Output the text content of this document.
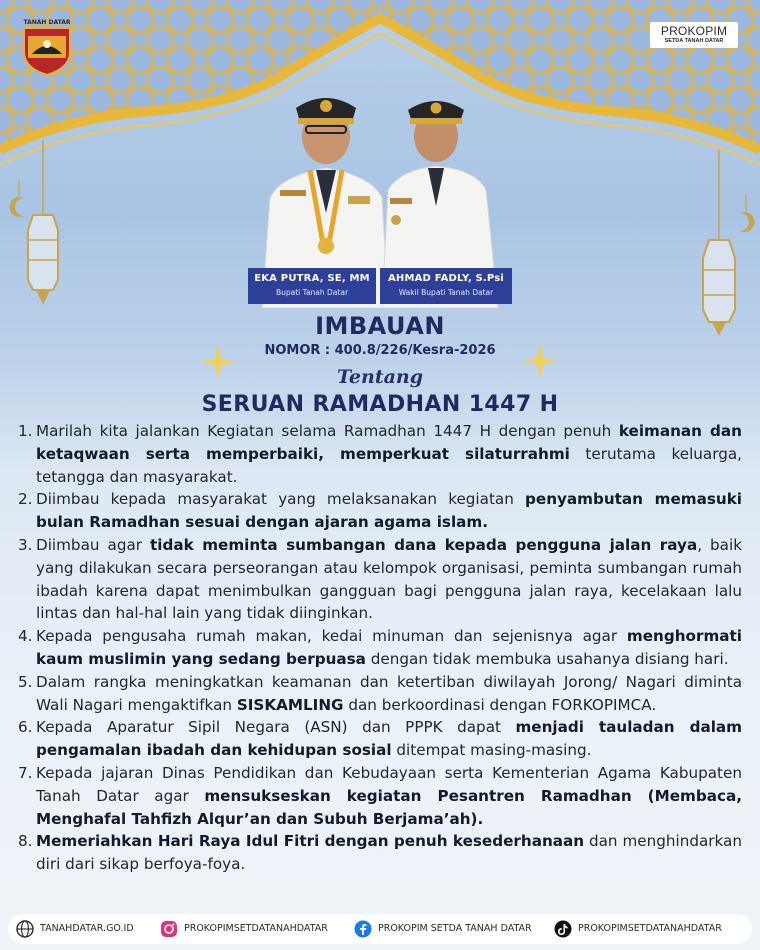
TANAH DATAR
PROKOPIM
SETDA TANAH DATAR
EKA PUTRA, SE, MM
Bupati Tanah Datar
AHMAD FADLY, S.Psi
Wakil Bupati Tanah Datar
IMBAUAN
NOMOR : 400.8/226/Kesra-2026
Tentang
SERUAN RAMADHAN 1447 H
1. Marilah kita jalankan Kegiatan selama Ramadhan 1447 H dengan penuh keimanan dan ketaqwaan serta memperbaiki, memperkuat silaturrahmi terutama keluarga, tetangga dan masyarakat.
2. Diimbau kepada masyarakat yang melaksanakan kegiatan penyambutan memasuki bulan Ramadhan sesuai dengan ajaran agama islam.
3. Diimbau agar tidak meminta sumbangan dana kepada pengguna jalan raya, baik yang dilakukan secara perseorangan atau kelompok organisasi, peminta sumbangan rumah ibadah karena dapat menimbulkan gangguan bagi pengguna jalan raya, kecelakaan lalu lintas dan hal-hal lain yang tidak diinginkan.
4. Kepada pengusaha rumah makan, kedai minuman dan sejenisnya agar menghormati kaum muslimin yang sedang berpuasa dengan tidak membuka usahanya disiang hari.
5. Dalam rangka meningkatkan keamanan dan ketertiban diwilayah Jorong/ Nagari diminta Wali Nagari mengaktifkan SISKAMLING dan berkoordinasi dengan FORKOPIMCA.
6. Kepada Aparatur Sipil Negara (ASN) dan PPPK dapat menjadi tauladan dalam pengamalan ibadah dan kehidupan sosial ditempat masing-masing.
7. Kepada jajaran Dinas Pendidikan dan Kebudayaan serta Kementerian Agama Kabupaten Tanah Datar agar mensukseskan kegiatan Pesantren Ramadhan (Membaca, Menghafal Tahfizh Alqur’an dan Subuh Berjama’ah).
8. Memeriahkan Hari Raya Idul Fitri dengan penuh kesederhanaan dan menghindarkan diri dari sikap berfoya-foya.
TANAHDATAR.GO.ID	PROKOPIMSETDATANAHDATAR	PROKOPIM SETDA TANAH DATAR	PROKOPIMSETDATANAHDATAR
